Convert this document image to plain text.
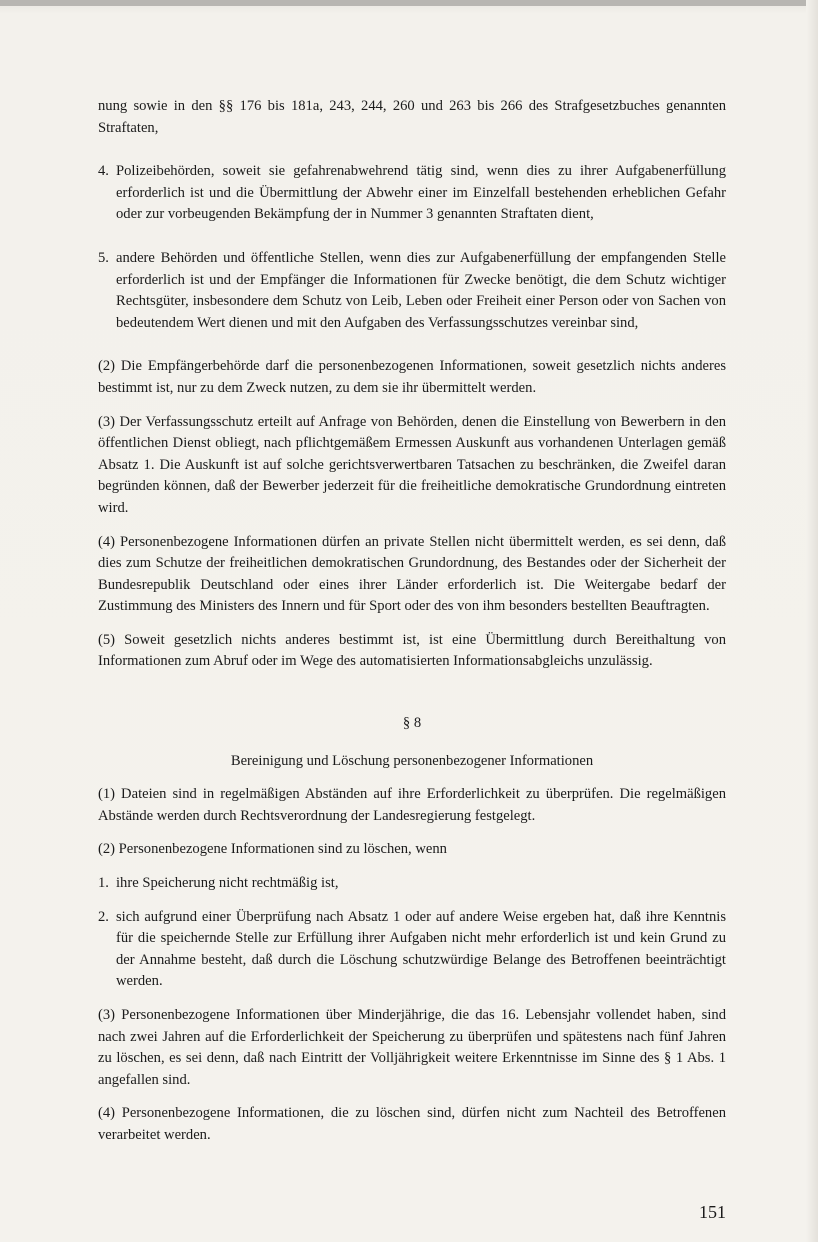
nung sowie in den §§ 176 bis 181a, 243, 244, 260 und 263 bis 266 des Strafgesetzbuches genannten Straftaten,

4. Polizeibehörden, soweit sie gefahrenabwehrend tätig sind, wenn dies zu ihrer Aufgabenerfüllung erforderlich ist und die Übermittlung der Abwehr einer im Einzelfall bestehenden erheblichen Gefahr oder zur vorbeugenden Bekämpfung der in Nummer 3 genannten Straftaten dient,
5. andere Behörden und öffentliche Stellen, wenn dies zur Aufgabenerfüllung der empfangenden Stelle erforderlich ist und der Empfänger die Informationen für Zwecke benötigt, die dem Schutz wichtiger Rechtsgüter, insbesondere dem Schutz von Leib, Leben oder Freiheit einer Person oder von Sachen von bedeutendem Wert dienen und mit den Aufgaben des Verfassungsschutzes vereinbar sind,

(2) Die Empfängerbehörde darf die personenbezogenen Informationen, soweit gesetzlich nichts anderes bestimmt ist, nur zu dem Zweck nutzen, zu dem sie ihr übermittelt werden.

(3) Der Verfassungsschutz erteilt auf Anfrage von Behörden, denen die Einstellung von Bewerbern in den öffentlichen Dienst obliegt, nach pflichtgemäßem Ermessen Auskunft aus vorhandenen Unterlagen gemäß Absatz 1. Die Auskunft ist auf solche gerichtsverwertbaren Tatsachen zu beschränken, die Zweifel daran begründen können, daß der Bewerber jederzeit für die freiheitliche demokratische Grundordnung eintreten wird.

(4) Personenbezogene Informationen dürfen an private Stellen nicht übermittelt werden, es sei denn, daß dies zum Schutze der freiheitlichen demokratischen Grundordnung, des Bestandes oder der Sicherheit der Bundesrepublik Deutschland oder eines ihrer Länder erforderlich ist. Die Weitergabe bedarf der Zustimmung des Ministers des Innern und für Sport oder des von ihm besonders bestellten Beauftragten.

(5) Soweit gesetzlich nichts anderes bestimmt ist, ist eine Übermittlung durch Bereithaltung von Informationen zum Abruf oder im Wege des automatisierten Informationsabgleichs unzulässig.

§ 8

Bereinigung und Löschung personenbezogener Informationen

(1) Dateien sind in regelmäßigen Abständen auf ihre Erforderlichkeit zu überprüfen. Die regelmäßigen Abstände werden durch Rechtsverordnung der Landesregierung festgelegt.

(2) Personenbezogene Informationen sind zu löschen, wenn

1. ihre Speicherung nicht rechtmäßig ist,
2. sich aufgrund einer Überprüfung nach Absatz 1 oder auf andere Weise ergeben hat, daß ihre Kenntnis für die speichernde Stelle zur Erfüllung ihrer Aufgaben nicht mehr erforderlich ist und kein Grund zu der Annahme besteht, daß durch die Löschung schutzwürdige Belange des Betroffenen beeinträchtigt werden.

(3) Personenbezogene Informationen über Minderjährige, die das 16. Lebensjahr vollendet haben, sind nach zwei Jahren auf die Erforderlichkeit der Speicherung zu überprüfen und spätestens nach fünf Jahren zu löschen, es sei denn, daß nach Eintritt der Volljährigkeit weitere Erkenntnisse im Sinne des § 1 Abs. 1 angefallen sind.

(4) Personenbezogene Informationen, die zu löschen sind, dürfen nicht zum Nachteil des Betroffenen verarbeitet werden.

151
